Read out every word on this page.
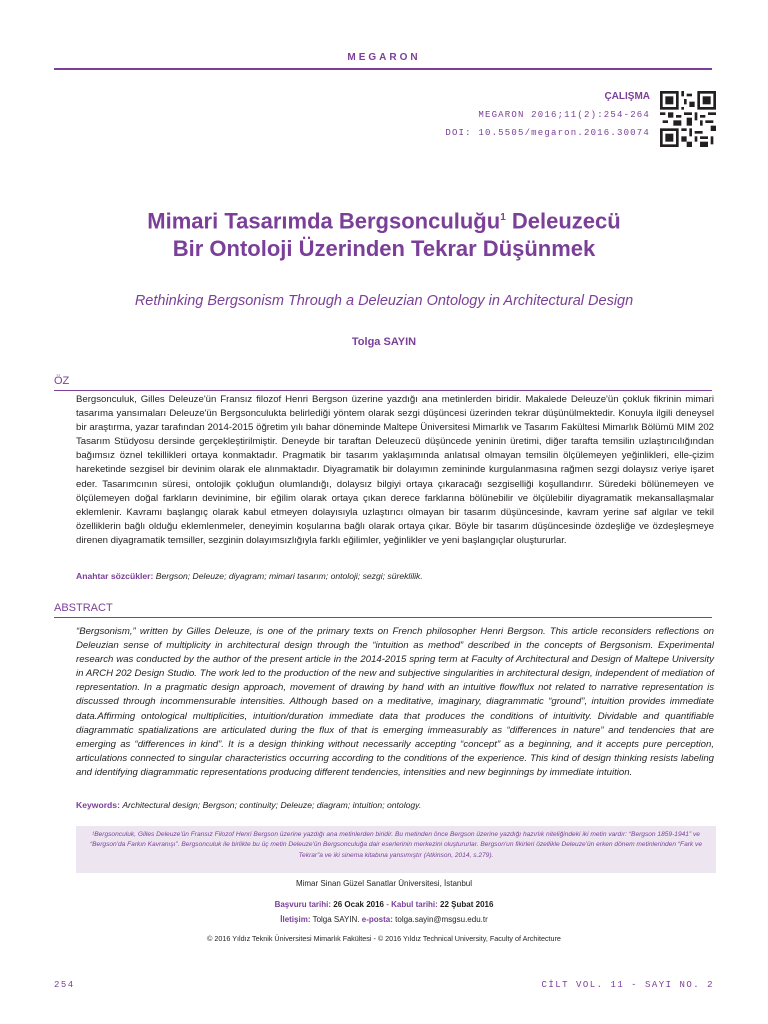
MEGARON
ÇALIŞMA
MEGARON 2016;11(2):254-264
DOI: 10.5505/megaron.2016.30074
Mimari Tasarımda Bergsonculuğu$^1$ Deleuzecü
Bir Ontoloji Üzerinden Tekrar Düşünmek
Rethinking Bergsonism Through a Deleuzian Ontology in Architectural Design
Tolga SAYIN
ÖZ

Bergsonculuk, Gilles Deleuze'ün Fransız filozof Henri Bergson üzerine yazdığı ana metinlerden biridir. Makalede Deleuze'ün çokluk fikrinin mimari tasarıma yansımaları Deleuze'ün Bergsonculukta belirlediği yöntem olarak sezgi düşüncesi üzerinden tekrar düşünülmektedir. Konuyla ilgili deneysel bir araştırma, yazar tarafından 2014-2015 öğretim yılı bahar döneminde Maltepe Üniversitesi Mimarlık ve Tasarım Fakültesi Mimarlık Bölümü MIM 202 Tasarım Stüdyosu dersinde gerçekleştirilmiştir. Deneyde bir taraftan Deleuzecü düşüncede yeninin üretimi, diğer tarafta temsilin uzlaştırıcılığından bağımsız öznel tekillikleri ortaya konmaktadır. Pragmatik bir tasarım yaklaşımında anlatısal olmayan temsilin ölçülemeyen yeğinlikleri, elle-çizim hareketinde sezgisel bir devinim olarak ele alınmaktadır. Diyagramatik bir dolayımın zemininde kurgulanmasına rağmen sezgi dolaysız veriye işaret eder. Tasarımcının süresi, ontolojik çokluğun olumlandığı, dolaysız bilgiyi ortaya çıkaracağı sezgiselliği koşullandırır. Süredeki bölünemeyen ve ölçülemeyen doğal farkların devinimine, bir eğilim olarak ortaya çıkan derece farklarına bölünebilir ve ölçülebilir diyagramatik mekansallaşmalar eklemlenir. Kavramı başlangıç olarak kabul etmeyen dolayısıyla uzlaştırıcı olmayan bir tasarım düşüncesinde, kavram yerine saf algılar ve tekil özelliklerin bağlı olduğu eklemlenmeler, deneyimin koşularına bağlı olarak ortaya çıkar. Böyle bir tasarım düşüncesinde özdeşliğe ve özdeşleşmeye direnen diyagramatik temsiller, sezginin dolayımsızlığıyla farklı eğilimler, yeğinlikler ve yeni başlangıçlar oluştururlar.

Anahtar sözcükler: Bergson; Deleuze; diyagram; mimari tasarım; ontoloji; sezgi; süreklilik.
ABSTRACT

“Bergsonism,” written by Gilles Deleuze, is one of the primary texts on French philosopher Henri Bergson. This article reconsiders reflections on Deleuzian sense of multiplicity in architectural design through the “intuition as method” described in the concepts of Bergsonism. Experimental research was conducted by the author of the present article in the 2014-2015 spring term at Faculty of Architectural and Design of Maltepe University in ARCH 202 Design Studio. The work led to the production of the new and subjective singularities in architectural design, independent of mediation of representation. In a pragmatic design approach, movement of drawing by hand with an intuitive flow/flux not related to narrative representation is discussed through incommensurable intensities. Although based on a meditative, imaginary, diagrammatic “ground”, intuition provides immediate data.Affirming ontological multiplicities, intuition/duration immediate data that produces the conditions of intuitivity. Dividable and quantifiable diagrammatic spatializations are articulated during the flux of that is emerging immeasurably as “differences in nature” and tendencies that are emerging as “differences in kind”. It is a design thinking without necessarily accepting “concept” as a beginning, and it accepts pure perception, articulations connected to singular characteristics occurring according to the conditions of the experience. This kind of design thinking resists labeling and identifying diagrammatic representations producing different tendencies, intensities and new beginnings by immediate intuition.

Keywords: Architectural design; Bergson; continuity; Deleuze; diagram; intuition; ontology.

¹Bergsonculuk, Gilles Deleuze'ün Fransız Filozof Henri Bergson üzerine yazdığı ana metinlerden biridir. Bu metinden önce Bergson üzerine yazdığı hazırlık niteliğindeki iki metin vardır: “Bergson 1859-1941” ve “Bergson'da Farkın Kavranışı”. Bergsonculuk ile birlikte bu üç metin Deleuze'ün Bergsonculuğa dair eserlerinin merkezini oluştururlar. Bergson'un fikirleri özellikle Deleuze'ün erken dönem metinlerinden “Fark ve Tekrar”a ve iki sinema kitabına yansımıştır (Atkinson, 2014, s.279).

Mimar Sinan Güzel Sanatlar Üniversitesi, İstanbul
Başvuru tarihi: 26 Ocak 2016 - Kabul tarihi: 22 Şubat 2016
İletişim: Tolga SAYIN. e-posta: tolga.sayin@msgsu.edu.tr
© 2016 Yıldız Teknik Üniversitesi Mimarlık Fakültesi - © 2016 Yıldız Technical University, Faculty of Architecture
254	CİLT VOL. 11 - SAYI NO. 2
